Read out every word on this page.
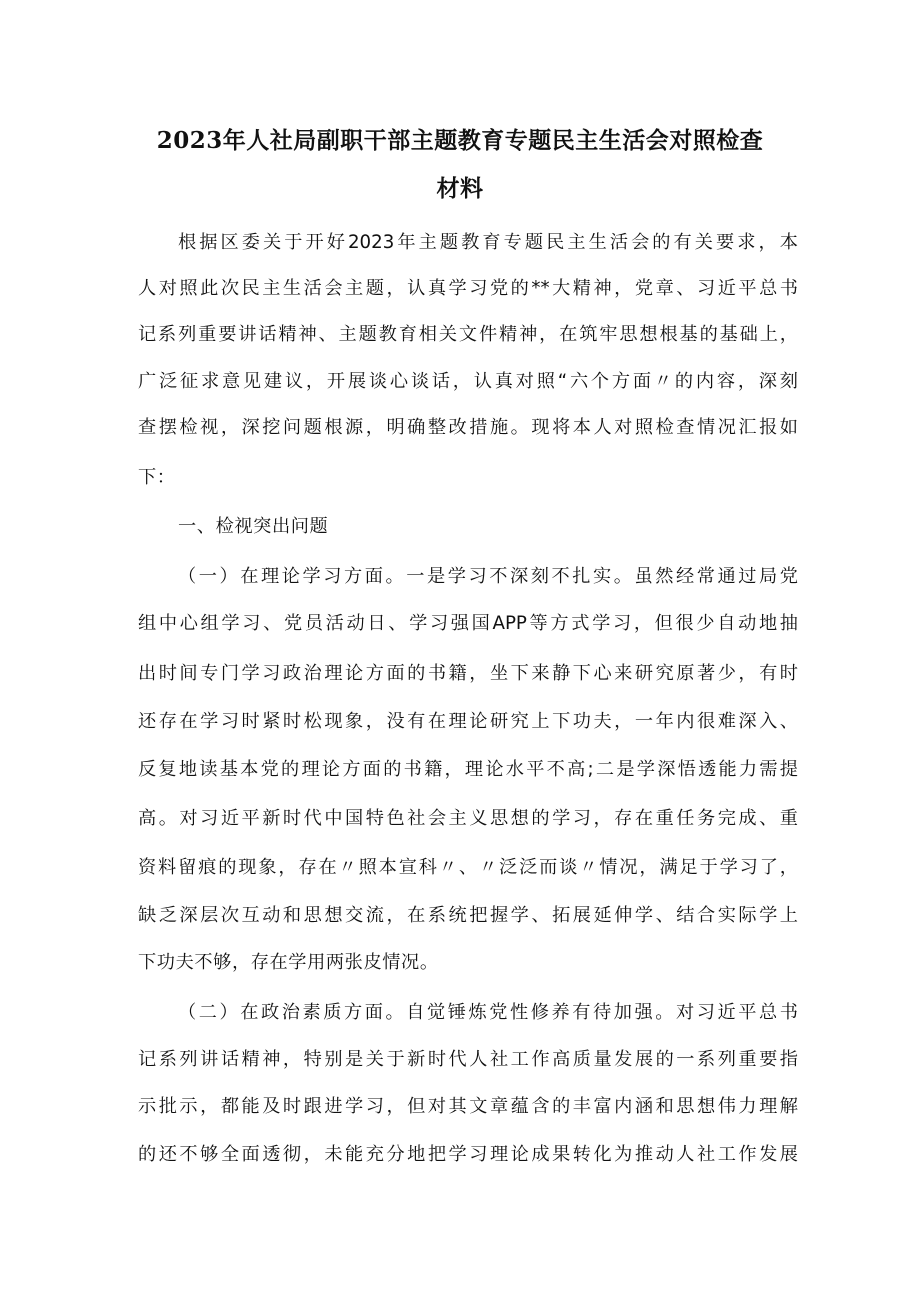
2023年人社局副职干部主题教育专题民主生活会对照检查
材料

根据区委关于开好2023年主题教育专题民主生活会的有关要求，本

人对照此次民主生活会主题，认真学习党的**大精神，党章、习近平总书

记系列重要讲话精神、主题教育相关文件精神，在筑牢思想根基的基础上，

广泛征求意见建议，开展谈心谈话，认真对照“六个方面〃的内容，深刻

查摆检视，深挖问题根源，明确整改措施。现将本人对照检查情况汇报如

下：

一、检视突出问题

（一）在理论学习方面。一是学习不深刻不扎实。虽然经常通过局党

组中心组学习、党员活动日、学习强国APP等方式学习，但很少自动地抽

出时间专门学习政治理论方面的书籍，坐下来静下心来研究原著少，有时

还存在学习时紧时松现象，没有在理论研究上下功夫，一年内很难深入、

反复地读基本党的理论方面的书籍，理论水平不高;二是学深悟透能力需提

高。对习近平新时代中国特色社会主义思想的学习，存在重任务完成、重

资料留痕的现象，存在〃照本宣科〃、〃泛泛而谈〃情况，满足于学习了，

缺乏深层次互动和思想交流，在系统把握学、拓展延伸学、结合实际学上

下功夫不够，存在学用两张皮情况。

（二）在政治素质方面。自觉锤炼党性修养有待加强。对习近平总书

记系列讲话精神，特别是关于新时代人社工作高质量发展的一系列重要指

示批示，都能及时跟进学习，但对其文章蕴含的丰富内涵和思想伟力理解

的还不够全面透彻，未能充分地把学习理论成果转化为推动人社工作发展
